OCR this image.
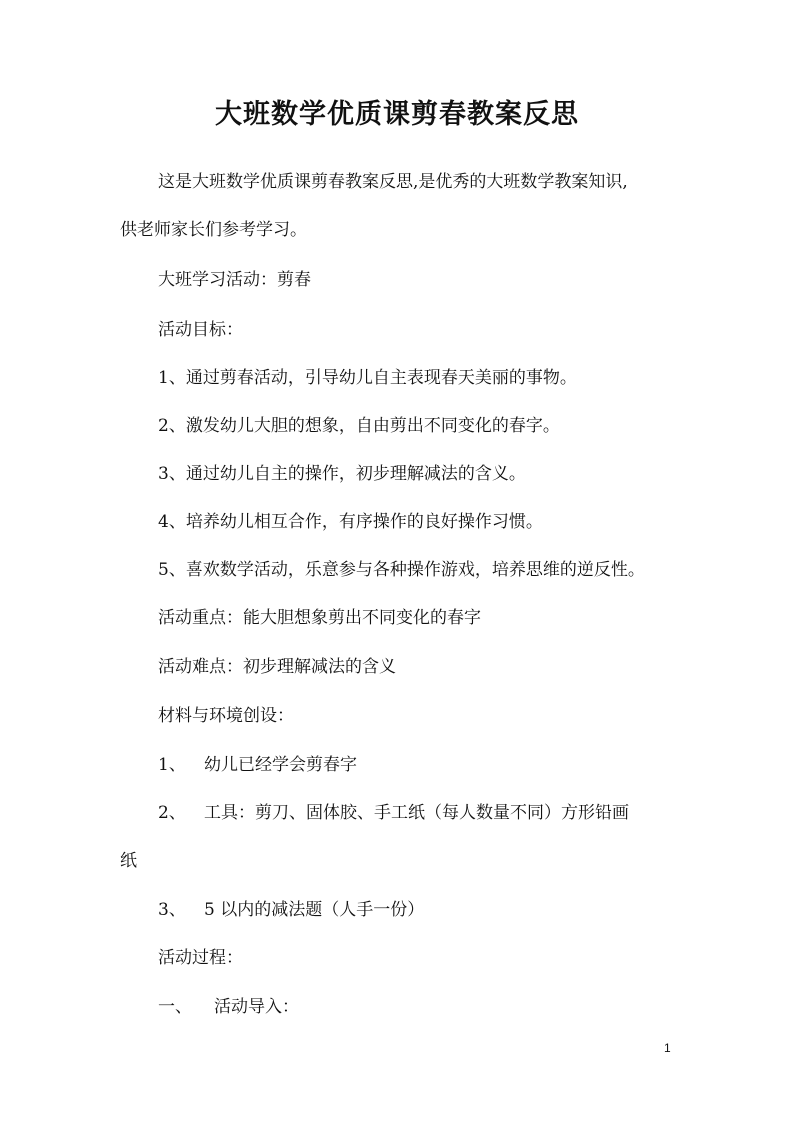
大班数学优质课剪春教案反思
这是大班数学优质课剪春教案反思,是优秀的大班数学教案知识,
供老师家长们参考学习。
大班学习活动：剪春
活动目标：
1、通过剪春活动，引导幼儿自主表现春天美丽的事物。
2、激发幼儿大胆的想象，自由剪出不同变化的春字。
3、通过幼儿自主的操作，初步理解减法的含义。
4、培养幼儿相互合作，有序操作的良好操作习惯。
5、喜欢数学活动，乐意参与各种操作游戏，培养思维的逆反性。
活动重点：能大胆想象剪出不同变化的春字
活动难点：初步理解减法的含义
材料与环境创设：
1、 幼儿已经学会剪春字
2、 工具：剪刀、固体胶、手工纸（每人数量不同）方形铅画
纸
3、 5 以内的减法题（人手一份）
活动过程：
一、 活动导入：
1
